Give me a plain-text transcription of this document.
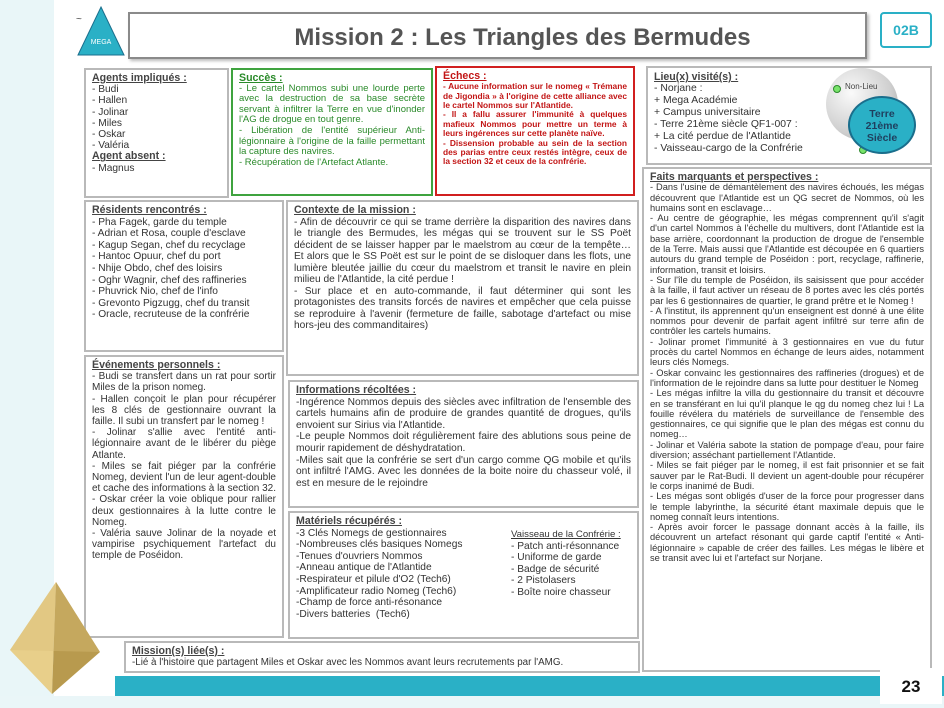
MEGA	Mission 2 : Les Triangles des Bermudes	02B
Agents impliqués :
- Budi
- Hallen
- Jolinar
- Miles
- Oskar
- Valéria
Agent absent :
- Magnus
Succès :
- Le cartel Nommos subi une lourde perte avec la destruction de sa base secrète servant à infiltrer la Terre en vue d'inonder l'AG de drogue en tout genre.
- Libération de l'entité supérieur Anti-légionnaire à l'origine de la faille permettant la capture des navires.
- Récupération de l'Artefact Atlante.
Échecs :
- Aucune information sur le nomeg « Trémane de Jigondia » à l'origine de cette alliance avec le cartel Nommos sur l'Atlantide.
- Il a fallu assurer l'immunité à quelques mafieux Nommos pour mettre un terme à leurs ingérences sur cette planète naïve.
- Dissension probable au sein de la section des parias entre ceux restés intègre, ceux de la section 32 et ceux de la confrérie.
Lieu(x) visité(s) :
- Norjane :
+ Mega Académie
+ Campus universitaire
- Terre 21ème siècle QF1-007 :
+ La cité perdue de l'Atlantide
- Vaisseau-cargo de la Confrérie
Non-Lieu
Terre
21ème
Siècle
Résidents rencontrés :
- Pha Fagek, garde du temple
- Adrian et Rosa, couple d'esclave
- Kagup Segan, chef du recyclage
- Hantoc Opuur, chef du port
- Nhije Obdo, chef des loisirs
- Oghr Wagnir, chef des raffineries
- Phuvrick Nio, chef de l'info
- Grevonto Pigzugg, chef du transit
- Oracle, recruteuse de la confrérie
Contexte de la mission :
- Afin de découvrir ce qui se trame derrière la disparition des navires dans le triangle des Bermudes, les mégas qui se trouvent sur le SS Poët décident de se laisser happer par le maelstrom au cœur de la tempête… Et alors que le SS Poët est sur le point de se disloquer dans les flots, une lumière bleutée jaillie du cœur du maelstrom et transit le navire en plein milieu de l'Atlantide, la cité perdue !
- Sur place et en auto-commande, il faut déterminer qui sont les protagonistes des transits forcés de navires et empêcher que cela puisse se reproduire à l'avenir (fermeture de faille, sabotage d'artefact ou mise hors-jeu des commanditaires)
Faits marquants et perspectives :
- Dans l'usine de démantèlement des navires échoués, les mégas découvrent que l'Atlantide est un QG secret de Nommos, où les humains sont en esclavage…
- Au centre de géographie, les mégas comprennent qu'il s'agit d'un cartel Nommos à l'échelle du multivers, dont l'Atlantide est la base arrière, coordonnant la production de drogue de l'ensemble de la Terre. Mais aussi que l'Atlantide est découpée en 6 quartiers autours du grand temple de Poséidon : port, recyclage, raffinerie, information, transit et loisirs.
- Sur l'île du temple de Poséidon, ils saisissent que pour accéder à la faille, il faut activer un réseau de 8 portes avec les clés portés par les 6 gestionnaires de quartier, le grand prêtre et le Nomeg !
- A l'institut, ils apprennent qu'un enseignent est donné à une élite nommos pour devenir de parfait agent infiltré sur terre afin de contrôler les cartels humains.
- Jolinar promet l'immunité à 3 gestionnaires en vue du futur procès du cartel Nommos en échange de leurs aides, notamment leurs clés Nomegs.
- Oskar convainc les gestionnaires des raffineries (drogues) et de l'information de le rejoindre dans sa lutte pour destituer le Nomeg
- Les mégas infiltre la villa du gestionnaire du transit et découvre en se transférant en lui qu'il planque le qg du nomeg chez lui ! La fouille révélera du matériels de surveillance de l'ensemble des gestionnaires, ce qui signifie que le plan des mégas est connu du nomeg…
- Jolinar et Valéria sabote la station de pompage d'eau, pour faire diversion; asséchant partiellement l'Atlantide.
- Miles se fait piéger par le nomeg, il est fait prisonnier et se fait sauver par le Rat-Budi. Il devient un agent-double pour récupérer le corps inanimé de Budi.
- Les mégas sont obligés d'user de la force pour progresser dans le temple labyrinthe, la sécurité étant maximale depuis que le nomeg connaît leurs intentions.
- Après avoir forcer le passage donnant accès à la faille, ils découvrent un artefact résonant qui garde captif l'entité « Anti-légionnaire » capable de créer des failles. Les mégas le libère et se transit avec lui et l'artefact sur Norjane.
Événements personnels :
- Budi se transfert dans un rat pour sortir Miles de la prison nomeg.
- Hallen conçoit le plan pour récupérer les 8 clés de gestionnaire ouvrant la faille. Il subi un transfert par le nomeg !
- Jolinar s'allie avec l'entité anti-légionnaire avant de le libérer du piège Atlante.
- Miles se fait piéger par la confrérie Nomeg, devient l'un de leur agent-double et cache des informations à la section 32.
- Oskar créer la voie oblique pour rallier deux gestionnaires à la lutte contre le Nomeg.
- Valéria sauve Jolinar de la noyade et vampirise psychiquement l'artefact du temple de Poséidon.
Informations récoltées :
-Ingérence Nommos depuis des siècles avec infiltration de l'ensemble des cartels humains afin de produire de grandes quantité de drogues, qu'ils envoient sur Sirius via l'Atlantide.
-Le peuple Nommos doit régulièrement faire des ablutions sous peine de mourir rapidement de déshydratation.
-Miles sait que la confrérie se sert d'un cargo comme QG mobile et qu'ils ont infiltré l'AMG. Avec les données de la boite noire du chasseur volé, il est en mesure de le rejoindre
Matériels récupérés :
-3 Clés Nomegs de gestionnaires
-Nombreuses clés basiques Nomegs
-Tenues d'ouvriers Nommos
-Anneau antique de l'Atlantide
-Respirateur et pilule d'O2 (Tech6)
-Amplificateur radio Nomeg (Tech6)
-Champ de force anti-résonance
-Divers batteries  (Tech6)
Vaisseau de la Confrérie :
- Patch anti-résonnance
- Uniforme de garde
- Badge de sécurité
- 2 Pistolasers
- Boîte noire chasseur
Mission(s) liée(s) :
-Lié à l'histoire que partagent Miles et Oskar avec les Nommos avant leurs recrutements par l'AMG.
23
~
